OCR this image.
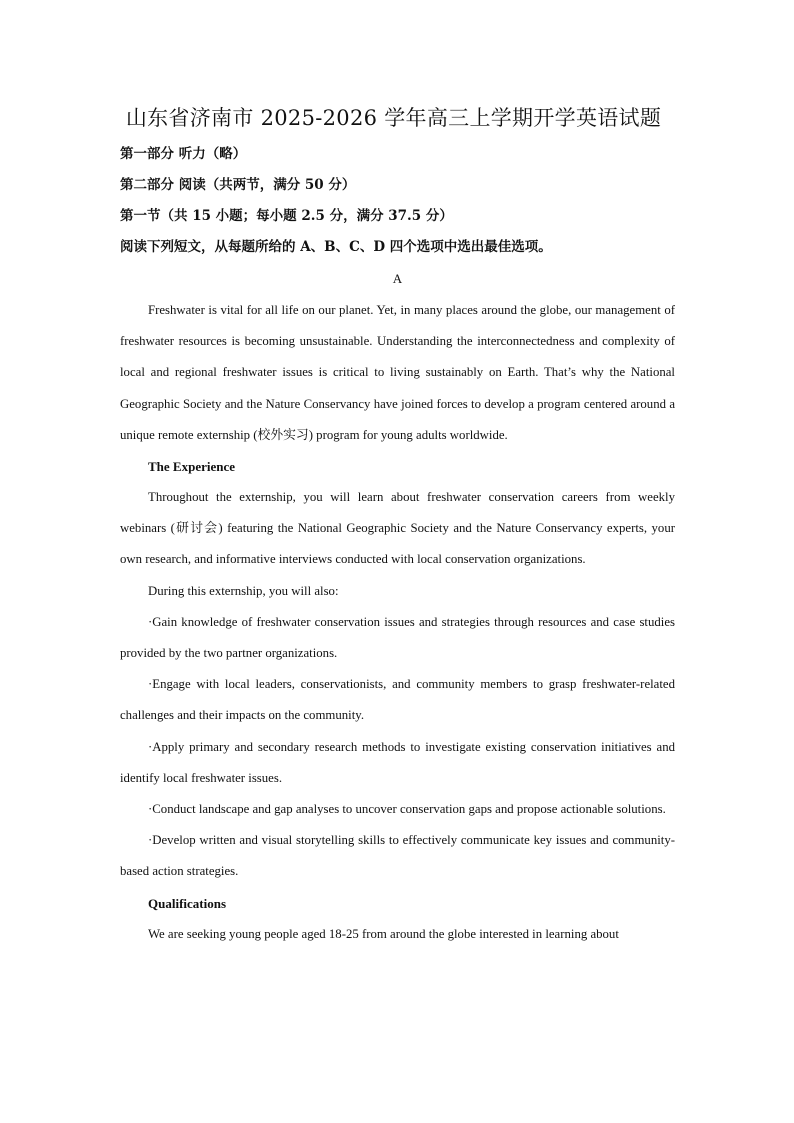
山东省济南市 2025-2026 学年高三上学期开学英语试题
第一部分 听力（略）
第二部分 阅读（共两节，满分 50 分）
第一节（共 15 小题；每小题 2.5 分，满分 37.5 分）
阅读下列短文，从每题所给的 A、B、C、D 四个选项中选出最佳选项。
A

Freshwater is vital for all life on our planet. Yet, in many places around the globe, our management of freshwater resources is becoming unsustainable. Understanding the interconnectedness and complexity of local and regional freshwater issues is critical to living sustainably on Earth. That’s why the National Geographic Society and the Nature Conservancy have joined forces to develop a program centered around a unique remote externship (校外实习) program for young adults worldwide.

The Experience

Throughout the externship, you will learn about freshwater conservation careers from weekly webinars (研讨会) featuring the National Geographic Society and the Nature Conservancy experts, your own research, and informative interviews conducted with local conservation organizations.

During this externship, you will also:

·Gain knowledge of freshwater conservation issues and strategies through resources and case studies provided by the two partner organizations.

·Engage with local leaders, conservationists, and community members to grasp freshwater-related challenges and their impacts on the community.

·Apply primary and secondary research methods to investigate existing conservation initiatives and identify local freshwater issues.

·Conduct landscape and gap analyses to uncover conservation gaps and propose actionable solutions.

·Develop written and visual storytelling skills to effectively communicate key issues and community-based action strategies.

Qualifications

We are seeking young people aged 18-25 from around the globe interested in learning about
